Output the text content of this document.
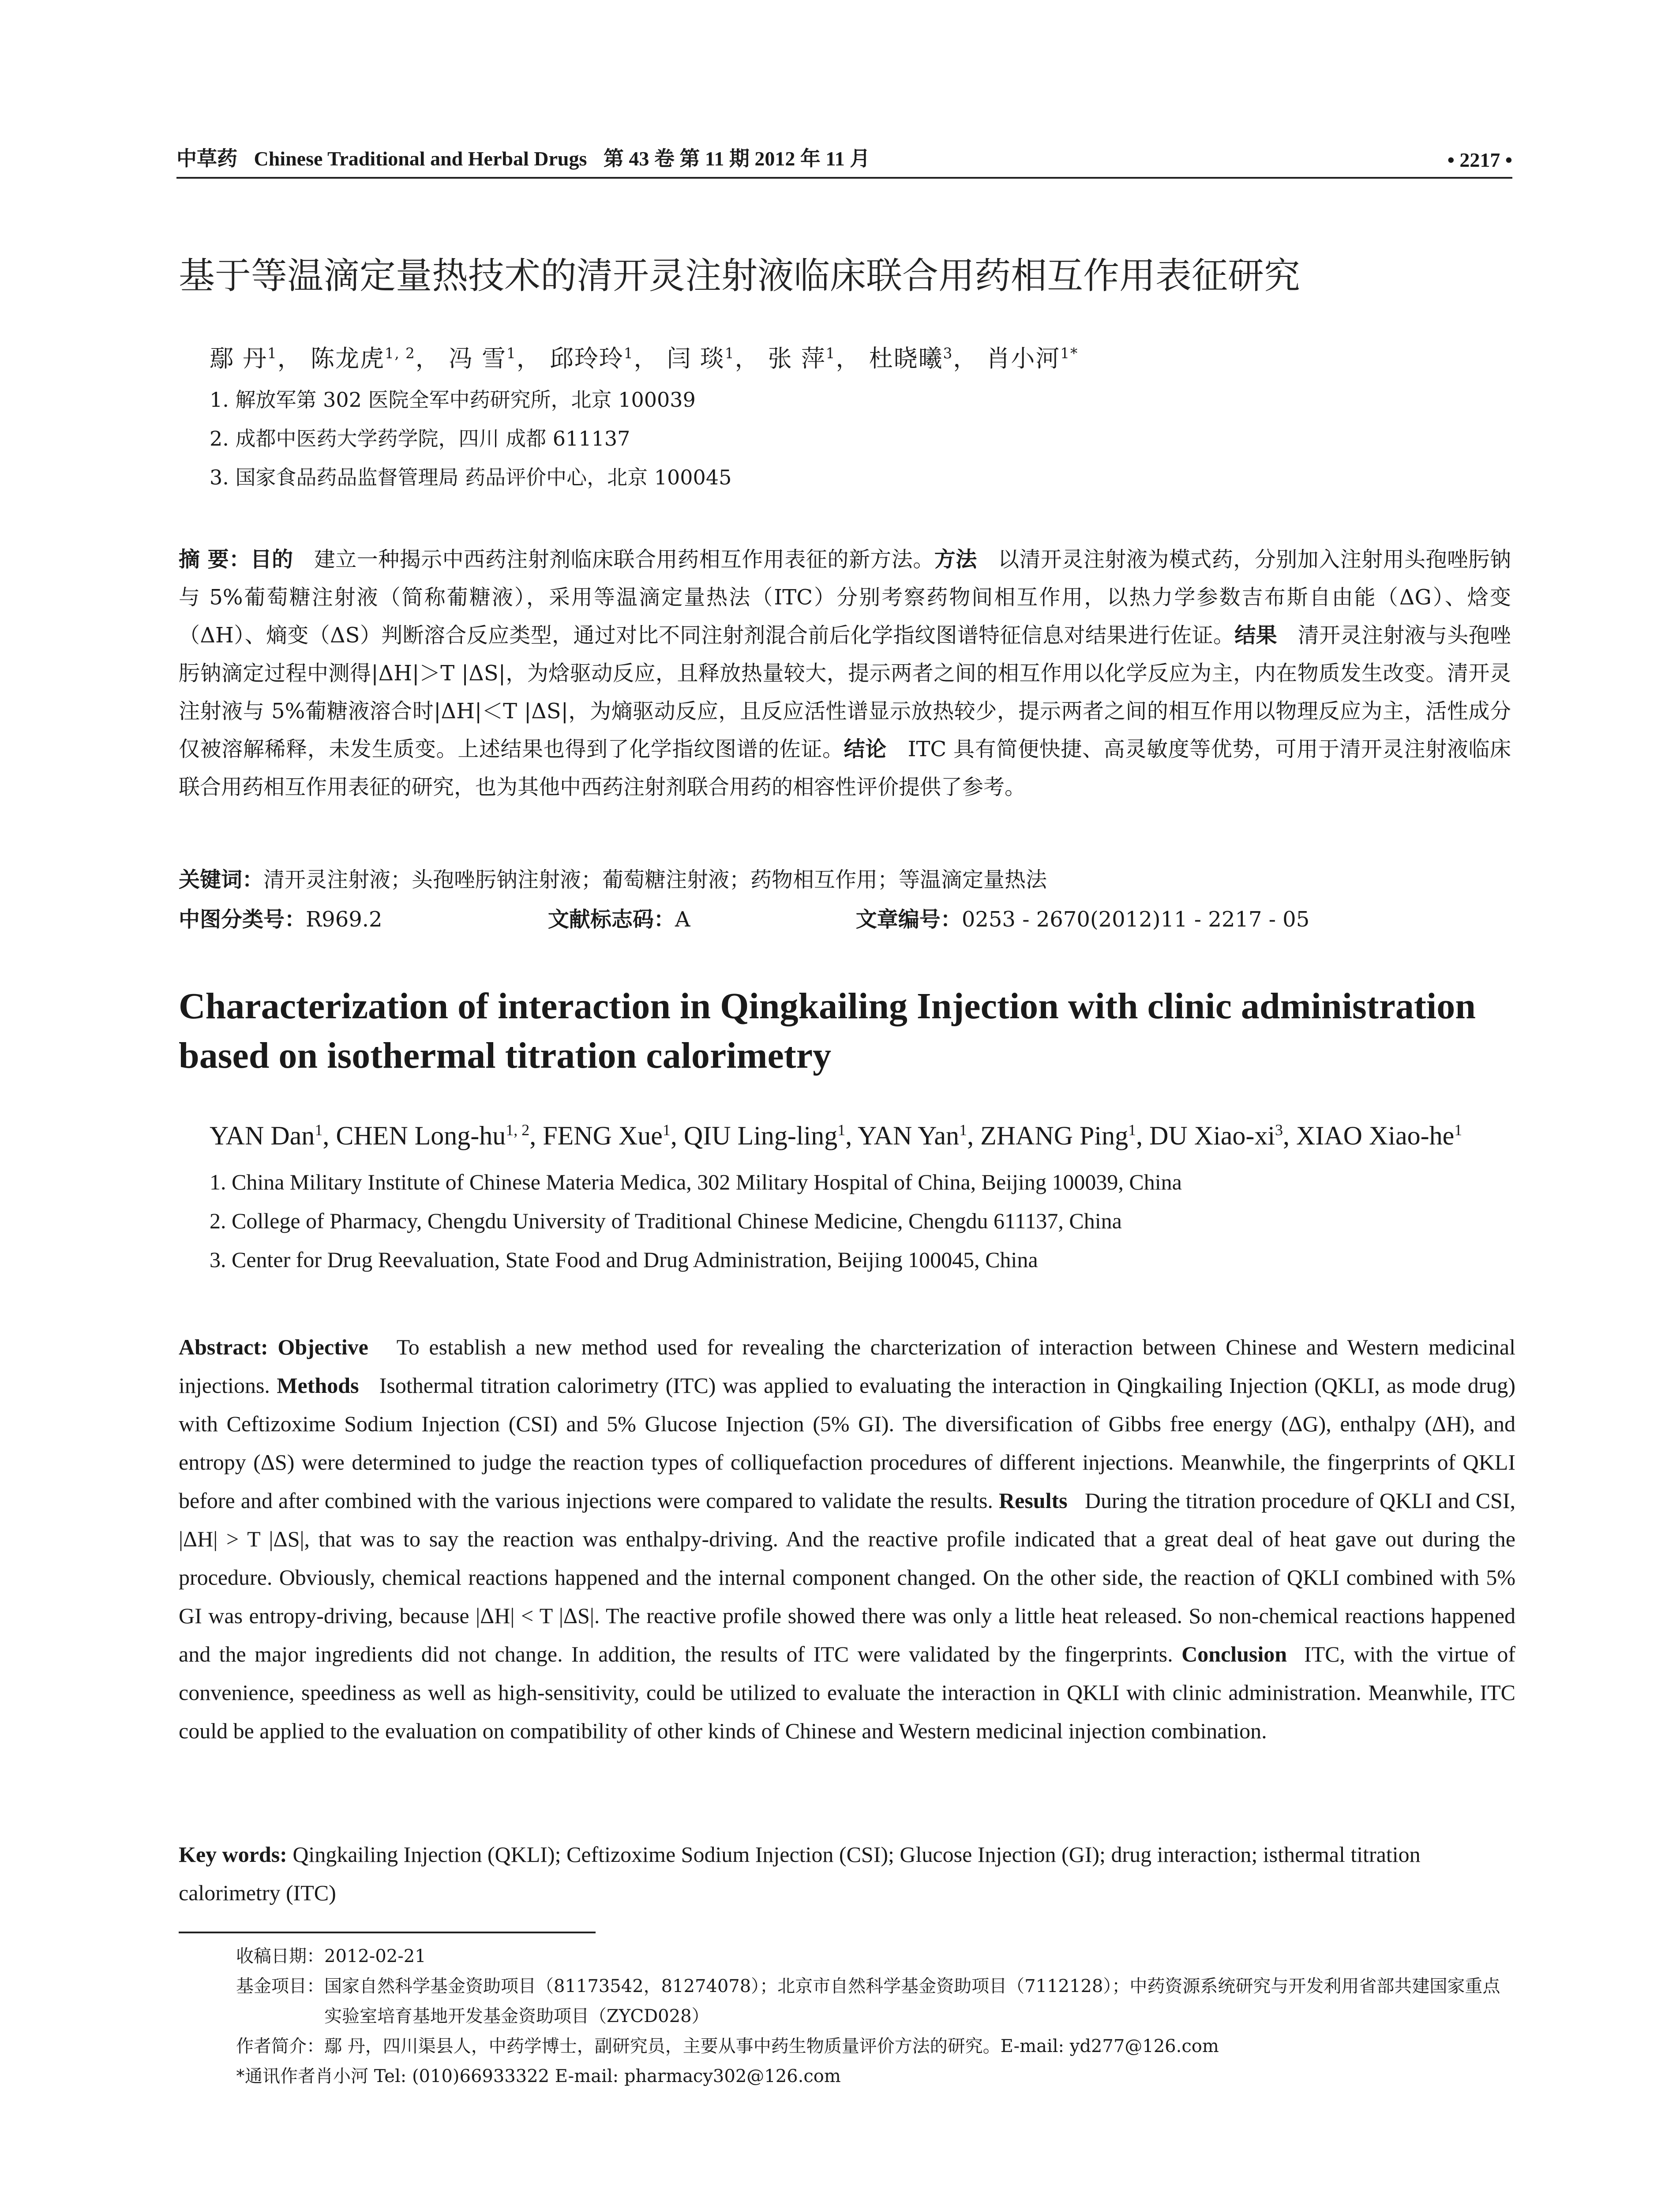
中草药 Chinese Traditional and Herbal Drugs 第 43 卷 第 11 期 2012 年 11 月	• 2217 •
基于等温滴定量热技术的清开灵注射液临床联合用药相互作用表征研究
鄢 丹$^1$， 陈龙虎$^{1, 2}$， 冯 雪$^1$， 邱玲玲$^1$， 闫 琰$^1$， 张 萍$^1$， 杜晓曦$^3$， 肖小河$^{1*}$
1. 解放军第 302 医院全军中药研究所，北京 100039
2. 成都中医药大学药学院，四川 成都 611137
3. 国家食品药品监督管理局 药品评价中心，北京 100045
摘 要：目的 建立一种揭示中西药注射剂临床联合用药相互作用表征的新方法。方法 以清开灵注射液为模式药，分别加入注射用头孢唑肟钠与 5%葡萄糖注射液（简称葡糖液），采用等温滴定量热法（ITC）分别考察药物间相互作用，以热力学参数吉布斯自由能（ΔG）、焓变（ΔH）、熵变（ΔS）判断溶合反应类型，通过对比不同注射剂混合前后化学指纹图谱特征信息对结果进行佐证。结果 清开灵注射液与头孢唑肟钠滴定过程中测得|ΔH|＞T |ΔS|，为焓驱动反应，且释放热量较大，提示两者之间的相互作用以化学反应为主，内在物质发生改变。清开灵注射液与 5%葡糖液溶合时|ΔH|＜T |ΔS|，为熵驱动反应，且反应活性谱显示放热较少，提示两者之间的相互作用以物理反应为主，活性成分仅被溶解稀释，未发生质变。上述结果也得到了化学指纹图谱的佐证。结论 ITC 具有简便快捷、高灵敏度等优势，可用于清开灵注射液临床联合用药相互作用表征的研究，也为其他中西药注射剂联合用药的相容性评价提供了参考。
关键词：清开灵注射液；头孢唑肟钠注射液；葡萄糖注射液；药物相互作用；等温滴定量热法
中图分类号：R969.2	文献标志码：A	文章编号：0253 - 2670(2012)11 - 2217 - 05
Characterization of interaction in Qingkailing Injection with clinic administration based on isothermal titration calorimetry
YAN Dan$^1$, CHEN Long-hu$^{1, 2}$, FENG Xue$^1$, QIU Ling-ling$^1$, YAN Yan$^1$, ZHANG Ping$^1$, DU Xiao-$xi^3$, XIAO Xiao-$he^1$
1. China Military Institute of Chinese Materia Medica, 302 Military Hospital of China, Beijing 100039, China
2. College of Pharmacy, Chengdu University of Traditional Chinese Medicine, Chengdu 611137, China
3. Center for Drug Reevaluation, State Food and Drug Administration, Beijing 100045, China
Abstract: Objective To establish a new method used for revealing the charcterization of interaction between Chinese and Western medicinal injections. Methods Isothermal titration calorimetry (ITC) was applied to evaluating the interaction in Qingkailing Injection (QKLI, as mode drug) with Ceftizoxime Sodium Injection (CSI) and 5% Glucose Injection (5% GI). The diversification of Gibbs free energy (ΔG), enthalpy (ΔH), and entropy (ΔS) were determined to judge the reaction types of colliquefaction procedures of different injections. Meanwhile, the fingerprints of QKLI before and after combined with the various injections were compared to validate the results. Results During the titration procedure of QKLI and CSI, |ΔH| > T |ΔS|, that was to say the reaction was enthalpy-driving. And the reactive profile indicated that a great deal of heat gave out during the procedure. Obviously, chemical reactions happened and the internal component changed. On the other side, the reaction of QKLI combined with 5% GI was entropy-driving, because |ΔH| < T |ΔS|. The reactive profile showed there was only a little heat released. So non-chemical reactions happened and the major ingredients did not change. In addition, the results of ITC were validated by the fingerprints. Conclusion ITC, with the virtue of convenience, speediness as well as high-sensitivity, could be utilized to evaluate the interaction in QKLI with clinic administration. Meanwhile, ITC could be applied to the evaluation on compatibility of other kinds of Chinese and Western medicinal injection combination.
Key words: Qingkailing Injection (QKLI); Ceftizoxime Sodium Injection (CSI); Glucose Injection (GI); drug interaction; isthermal titration calorimetry (ITC)
收稿日期： 2012-02-21
基金项目： 国家自然科学基金资助项目（81173542，81274078）；北京市自然科学基金资助项目（7112128）；中药资源系统研究与开发利用省部共建国家重点实验室培育基地开发基金资助项目（ZYCD028）
作者简介： 鄢 丹，四川渠县人，中药学博士，副研究员，主要从事中药生物质量评价方法的研究。E-mail: yd277@126.com
*通讯作者 肖小河 Tel: (010)66933322 E-mail: pharmacy302@126.com
